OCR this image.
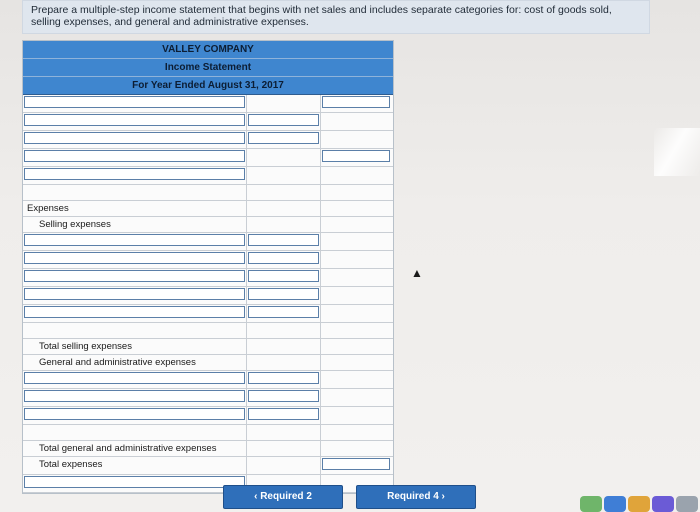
Prepare a multiple-step income statement that begins with net sales and includes separate categories for: cost of goods sold, selling expenses, and general and administrative expenses.
VALLEY COMPANY
Income Statement
For Year Ended August 31, 2017
Expenses
Selling expenses
Total selling expenses
General and administrative expenses
Total general and administrative expenses
Total expenses
▲
‹ Required 2	Required 4 ›
